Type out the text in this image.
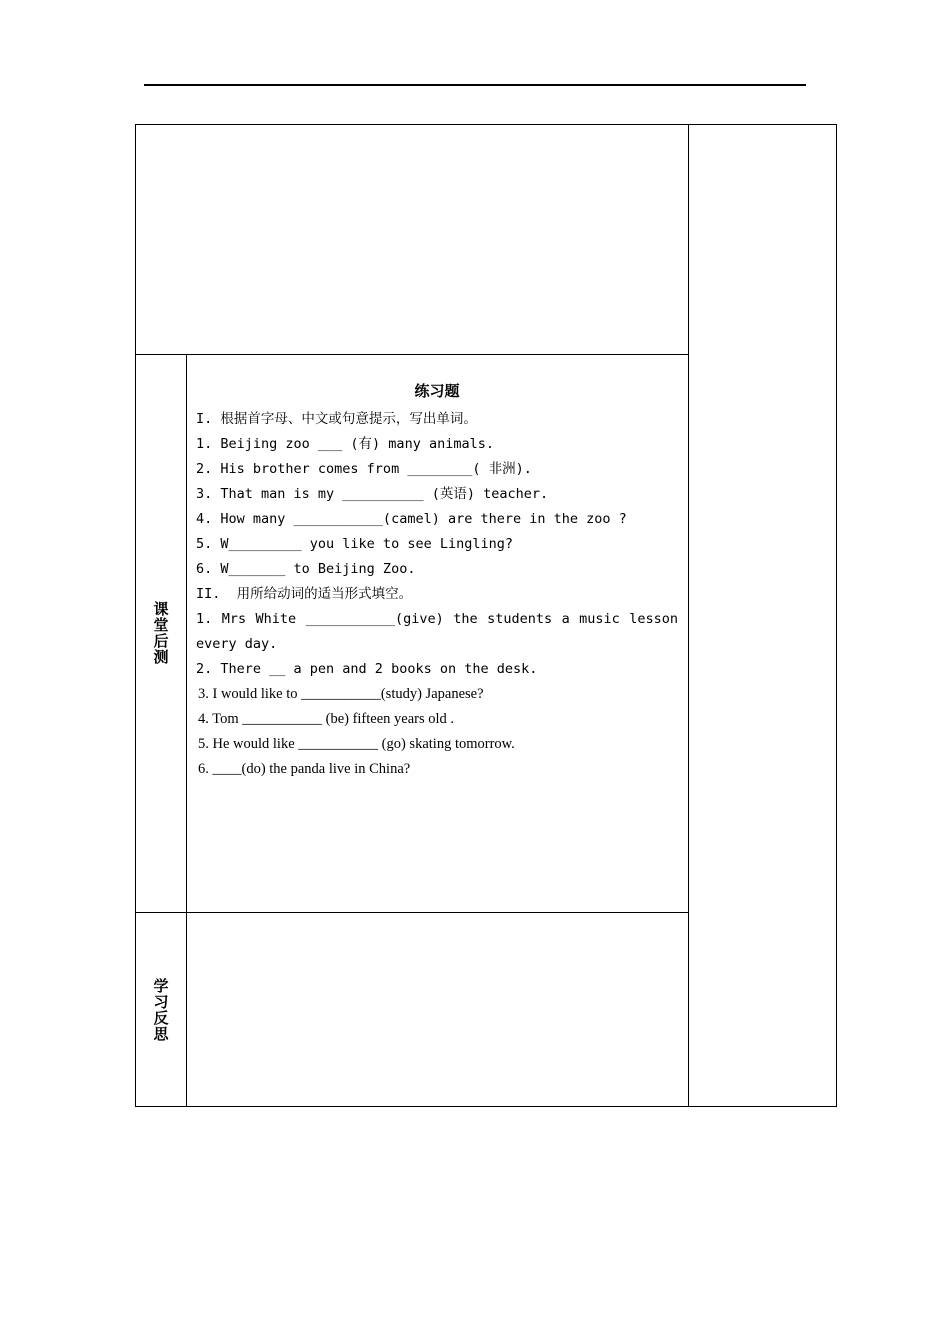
课堂后测
学习反思
练习题
I. 根据首字母、中文或句意提示，写出单词。
1. Beijing zoo ___ (有) many animals.
2. His brother comes from ________( 非洲).
3. That man is my __________ (英语) teacher.
4. How many ___________(camel) are there in the zoo ?
5. W_________ you like to see Lingling?
6. W_______ to Beijing Zoo.
II.  用所给动词的适当形式填空。
1. Mrs White ___________(give) the students a music lesson every day.
2. There __ a pen and 2 books on the desk.
3. I would like to ___________(study) Japanese?
4. Tom ___________ (be) fifteen years old .
5. He would like ___________ (go) skating tomorrow.
6. ____(do) the panda live in China?
